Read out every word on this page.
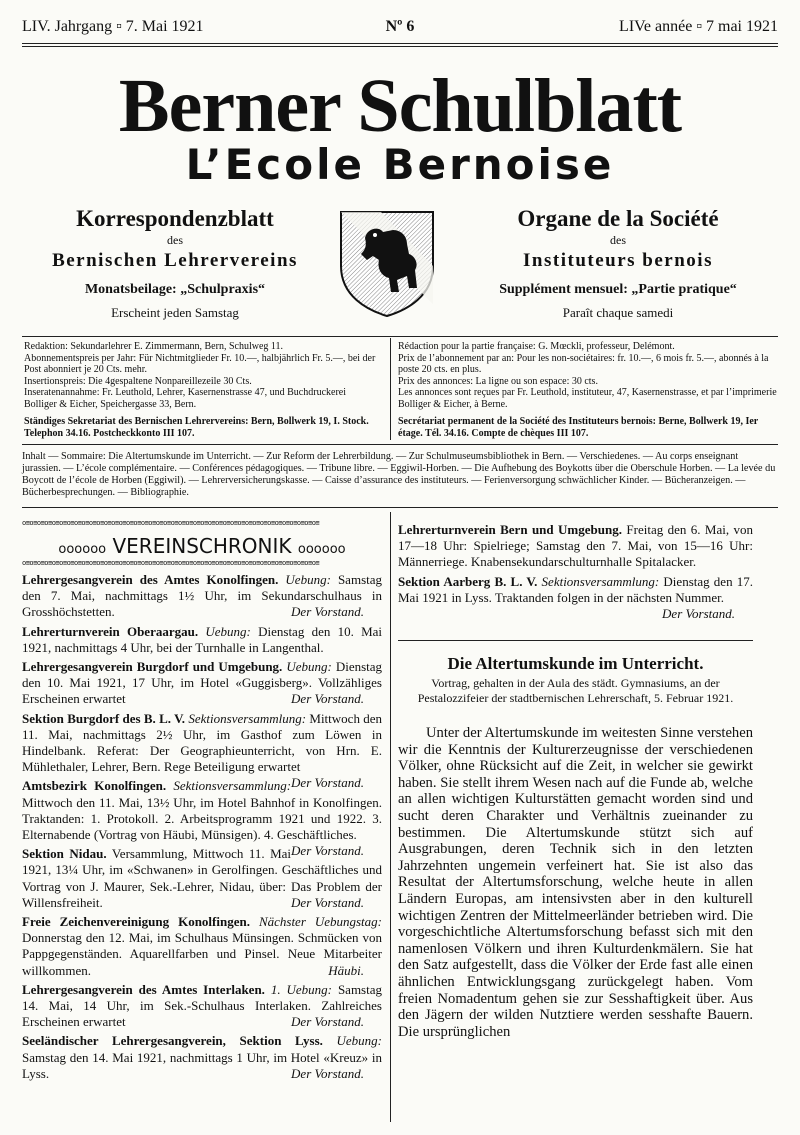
LIV. Jahrgang ▫ 7. Mai 1921	Nº 6	LIVe année ▫ 7 mai 1921
Berner Schulblatt
L’Ecole Bernoise
Korrespondenzblatt
des
Bernischen Lehrervereins
Monatsbeilage: „Schulpraxis“
Erscheint jeden Samstag
Organe de la Société
des
Instituteurs bernois
Supplément mensuel: „Partie pratique“
Paraît chaque samedi

Redaktion: Sekundarlehrer E. Zimmermann, Bern, Schulweg 11.

Abonnementspreis per Jahr: Für Nichtmitglieder Fr. 10.—, halbjährlich Fr. 5.—, bei der Post abonniert je 20 Cts. mehr.

Insertionspreis: Die 4gespaltene Nonpareillezeile 30 Cts.

Inseratenannahme: Fr. Leuthold, Lehrer, Kasernenstrasse 47, und Buchdruckerei Bolliger & Eicher, Speichergasse 33, Bern.

Ständiges Sekretariat des Bernischen Lehrervereins: Bern, Bollwerk 19, I. Stock. Telephon 34.16. Postcheckkonto III 107.

Rédaction pour la partie française: G. Mœckli, professeur, Delémont.

Prix de l’abonnement par an: Pour les non-sociétaires: fr. 10.—, 6 mois fr. 5.—, abonnés à la poste 20 cts. en plus.

Prix des annonces: La ligne ou son espace: 30 cts.

Les annonces sont reçues par Fr. Leuthold, instituteur, 47, Kasernenstrasse, et par l’imprimerie Bolliger & Eicher, à Berne.

Secrétariat permanent de la Société des Instituteurs bernois: Berne, Bollwerk 19, Ier étage. Tél. 34.16. Compte de chèques III 107.

Inhalt — Sommaire: Die Altertumskunde im Unterricht. — Zur Reform der Lehrerbildung. — Zur Schulmuseumsbibliothek in Bern. — Verschiedenes. — Au corps enseignant jurassien. — L’école complémentaire. — Conférences pédagogiques. — Tribune libre. — Eggiwil-Horben. — Die Aufhebung des Boykotts über die Oberschule Horben. — La levée du Boycott de l’école de Horben (Eggiwil). — Lehrerversicherungskasse. — Caisse d’assurance des instituteurs. — Ferienversorgung schwächlicher Kinder. — Bücheranzeigen. — Bücherbesprechungen. — Bibliographie.
o≡o≡o≡o≡o≡o≡o≡o≡o≡o≡o≡o≡o≡o≡o≡o≡o≡o≡o≡o≡o≡o≡o≡o≡o≡o≡o≡o≡o≡o≡o≡o≡o≡o≡o≡o≡o≡o≡o≡o≡
oooooo VEREINSCHRONIK oooooo
o≡o≡o≡o≡o≡o≡o≡o≡o≡o≡o≡o≡o≡o≡o≡o≡o≡o≡o≡o≡o≡o≡o≡o≡o≡o≡o≡o≡o≡o≡o≡o≡o≡o≡o≡o≡o≡o≡o≡o≡

Lehrergesangverein des Amtes Konolfingen. Uebung: Samstag den 7. Mai, nachmittags 1½ Uhr, im Sekundarschulhaus in Grosshöchstetten.	Der Vorstand.

Lehrerturnverein Oberaargau. Uebung: Dienstag den 10. Mai 1921, nachmittags 4 Uhr, bei der Turnhalle in Langenthal.

Lehrergesangverein Burgdorf und Umgebung. Uebung: Dienstag den 10. Mai 1921, 17 Uhr, im Hotel «Guggisberg». Vollzähliges Erscheinen erwartet	Der Vorstand.

Sektion Burgdorf des B. L. V. Sektionsversammlung: Mittwoch den 11. Mai, nachmittags 2½ Uhr, im Gasthof zum Löwen in Hindelbank. Referat: Der Geographieunterricht, von Hrn. E. Mühlethaler, Lehrer, Bern. Rege Beteiligung erwartet
Der Vorstand.

Amtsbezirk Konolfingen. Sektionsversammlung: Mittwoch den 11. Mai, 13½ Uhr, im Hotel Bahnhof in Konolfingen. Traktanden: 1. Protokoll. 2. Arbeitsprogramm 1921 und 1922. 3. Elternabende (Vortrag von Häubi, Münsigen). 4. Geschäftliches.
Der Vorstand.

Sektion Nidau. Versammlung, Mittwoch 11. Mai 1921, 13¼ Uhr, im «Schwanen» in Gerolfingen. Geschäftliches und Vortrag von J. Maurer, Sek.-Lehrer, Nidau, über: Das Problem der Willensfreiheit.	Der Vorstand.

Freie Zeichenvereinigung Konolfingen. Nächster Uebungstag: Donnerstag den 12. Mai, im Schulhaus Münsingen. Schmücken von Pappgegenständen. Aquarellfarben und Pinsel. Neue Mitarbeiter willkommen.	Häubi.

Lehrergesangverein des Amtes Interlaken. 1. Uebung: Samstag 14. Mai, 14 Uhr, im Sek.-Schulhaus Interlaken. Zahlreiches Erscheinen erwartet	Der Vorstand.

Seeländischer Lehrergesangverein, Sektion Lyss. Uebung: Samstag den 14. Mai 1921, nachmittags 1 Uhr, im Hotel «Kreuz» in Lyss.	Der Vorstand.

Lehrerturnverein Bern und Umgebung. Freitag den 6. Mai, von 17—18 Uhr: Spielriege; Samstag den 7. Mai, von 15—16 Uhr: Männerriege. Knabensekundarschulturnhalle Spitalacker.

Sektion Aarberg B. L. V. Sektionsversammlung: Dienstag den 17. Mai 1921 in Lyss. Traktanden folgen in der nächsten Nummer.
Der Vorstand.

Die Altertumskunde im Unterricht.
Vortrag, gehalten in der Aula des städt. Gymnasiums, an der Pestalozzifeier der stadtbernischen Lehrerschaft, 5. Februar 1921.

Unter der Altertumskunde im weitesten Sinne verstehen wir die Kenntnis der Kulturerzeugnisse der verschiedenen Völker, ohne Rücksicht auf die Zeit, in welcher sie gewirkt haben. Sie stellt ihrem Wesen nach auf die Funde ab, welche an allen wichtigen Kulturstätten gemacht worden sind und sucht deren Charakter und Verhältnis zueinander zu bestimmen. Die Altertumskunde stützt sich auf Ausgrabungen, deren Technik sich in den letzten Jahrzehnten ungemein verfeinert hat. Sie ist also das Resultat der Altertumsforschung, welche heute in allen Ländern Europas, am intensivsten aber in den kulturell wichtigen Zentren der Mittelmeerländer betrieben wird. Die vorgeschichtliche Altertumsforschung befasst sich mit den namenlosen Völkern und ihren Kulturdenkmälern. Sie hat den Satz aufgestellt, dass die Völker der Erde fast alle einen ähnlichen Entwicklungsgang zurückgelegt haben. Vom freien Nomadentum gehen sie zur Sesshaftigkeit über. Aus den Jägern der wilden Nutztiere werden sesshafte Bauern. Die ursprünglichen
